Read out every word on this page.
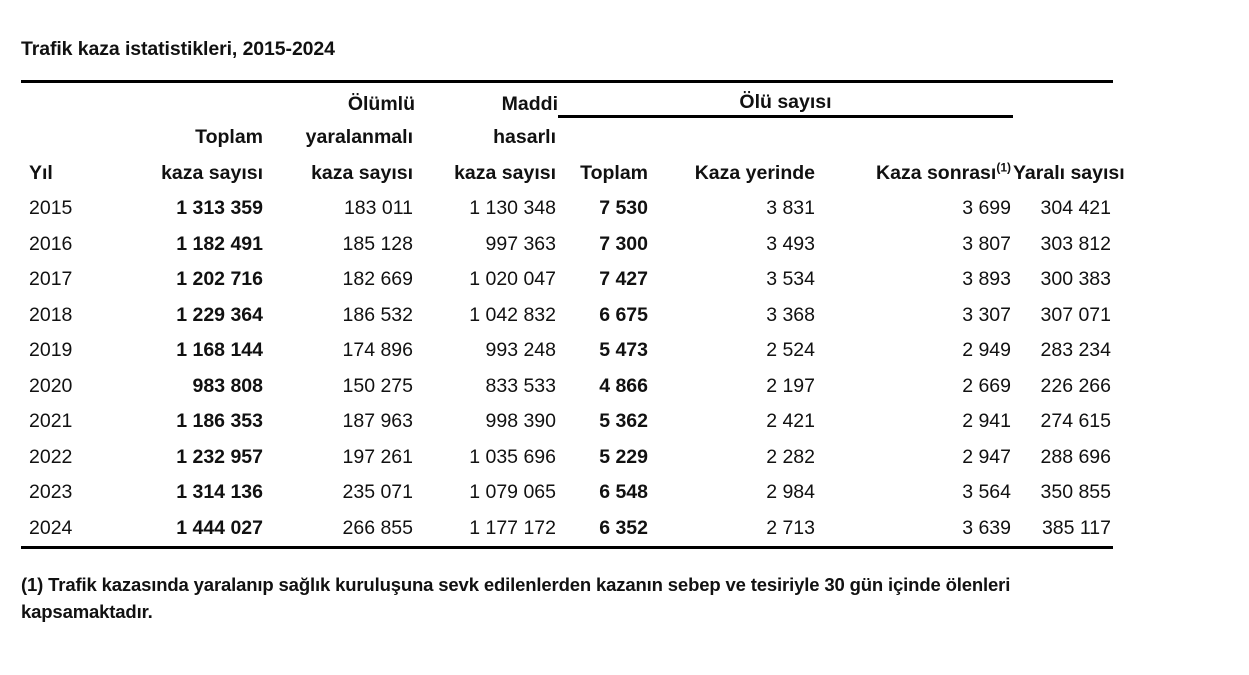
Trafik kaza istatistikleri, 2015-2024

		Ölümlü	Maddi	Ölü sayısı			
	Toplam	yaralanmalı	hasarlı				
Yıl	kaza sayısı	kaza sayısı	kaza sayısı	Toplam	Kaza yerinde	Kaza sonrası$^{(1)}$	Yaralı sayısı
2015	1 313 359	183 011	1 130 348	7 530	3 831	3 699	304 421
2016	1 182 491	185 128	997 363	7 300	3 493	3 807	303 812
2017	1 202 716	182 669	1 020 047	7 427	3 534	3 893	300 383
2018	1 229 364	186 532	1 042 832	6 675	3 368	3 307	307 071
2019	1 168 144	174 896	993 248	5 473	2 524	2 949	283 234
2020	983 808	150 275	833 533	4 866	2 197	2 669	226 266
2021	1 186 353	187 963	998 390	5 362	2 421	2 941	274 615
2022	1 232 957	197 261	1 035 696	5 229	2 282	2 947	288 696
2023	1 314 136	235 071	1 079 065	6 548	2 984	3 564	350 855
2024	1 444 027	266 855	1 177 172	6 352	2 713	3 639	385 117

(1) Trafik kazasında yaralanıp sağlık kuruluşuna sevk edilenlerden kazanın sebep ve tesiriyle 30 gün içinde ölenleri kapsamaktadır.
